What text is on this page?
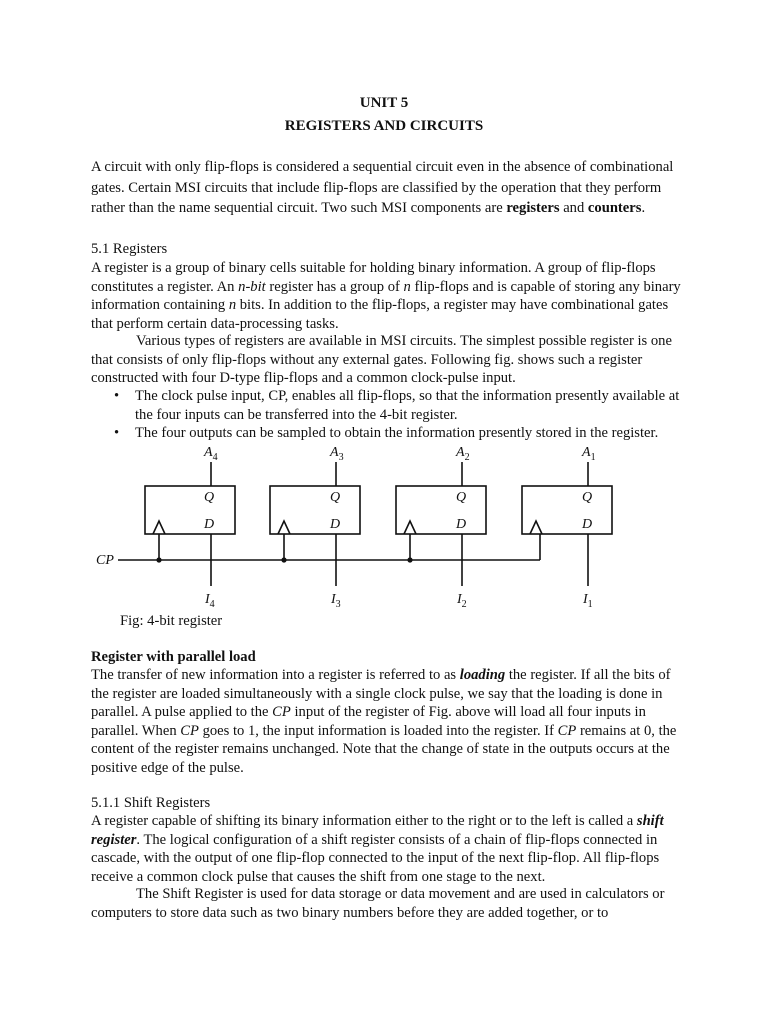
UNIT 5
REGISTERS AND CIRCUITS

A circuit with only flip-flops is considered a sequential circuit even in the absence of combinational gates. Certain MSI circuits that include flip-flops are classified by the operation that they perform rather than the name sequential circuit. Two such MSI components are registers and counters.

5.1 Registers

A register is a group of binary cells suitable for holding binary information. A group of flip-flops constitutes a register. An n-bit register has a group of n flip-flops and is capable of storing any binary information containing n bits. In addition to the flip-flops, a register may have combinational gates that perform certain data-processing tasks.

Various types of registers are available in MSI circuits. The simplest possible register is one that consists of only flip-flops without any external gates. Following fig. shows such a register constructed with four D-type flip-flops and a common clock-pulse input.

• The clock pulse input, CP, enables all flip-flops, so that the information presently available at the four inputs can be transferred into the 4-bit register.
• The four outputs can be sampled to obtain the information presently stored in the register.
Q	Q	Q	Q
D	D	D	D
$A_4$	$A_3$	$A_2$	$A_1$
$I_4$	$I_3$	$I_2$	$I_1$
CP
Fig: 4-bit register

Register with parallel load

The transfer of new information into a register is referred to as loading the register. If all the bits of the register are loaded simultaneously with a single clock pulse, we say that the loading is done in parallel. A pulse applied to the CP input of the register of Fig. above will load all four inputs in parallel. When CP goes to 1, the input information is loaded into the register. If CP remains at 0, the content of the register remains unchanged. Note that the change of state in the outputs occurs at the positive edge of the pulse.

5.1.1 Shift Registers

A register capable of shifting its binary information either to the right or to the left is called a shift register. The logical configuration of a shift register consists of a chain of flip-flops connected in cascade, with the output of one flip-flop connected to the input of the next flip-flop. All flip-flops receive a common clock pulse that causes the shift from one stage to the next.

The Shift Register is used for data storage or data movement and are used in calculators or computers to store data such as two binary numbers before they are added together, or to
